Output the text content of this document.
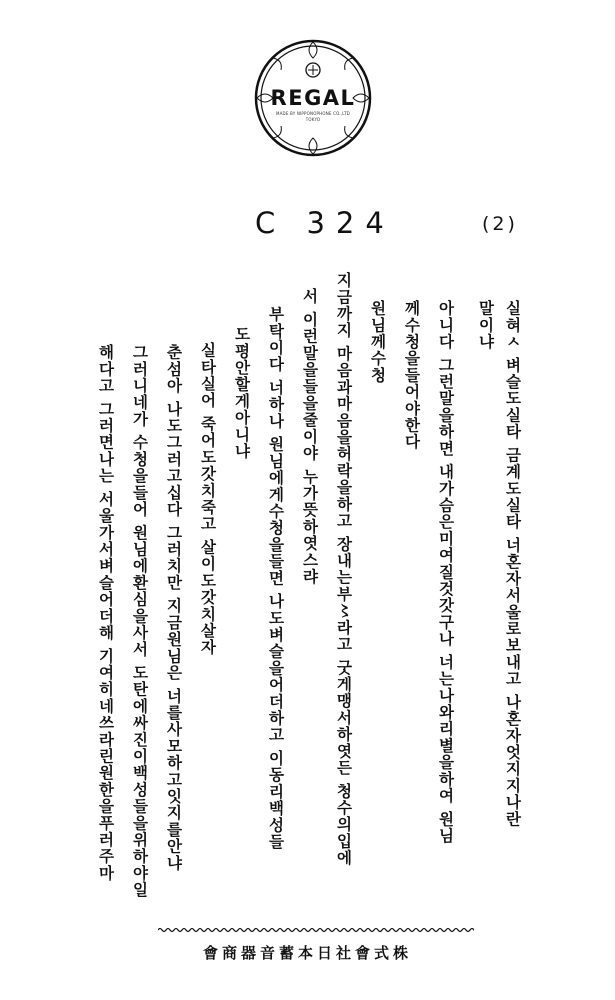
REGAL
MADE BY NIPPONOPHONE CO.,LTD
TOKYO
C 324	(2)
실혀ㅅ 벼슬도실타 금계도실타 너혼자서울로보내고 나혼자엇지지나란
말이냐
아니다 그런말을하면 내가슴은미여질것갓구나 너는나와리별을하여 원님
께수청을들어야한다
원님께수청
지금까지 마음과마음을허락을하고 장내는부〻라고 굿게맹서하엿든 청수의입에
서 이런말을들을줄이야 누가뜻하엿스랴
부탁이다 너하나 원님에게수청을들면 나도벼슬을어더하고 이동리백성들
도평안할게아니냐
실타실어 죽어도갓치죽고 살이도갓치살자
춘섬아 나도그러고십다 그러치만 지금원님은 너를사모하고잇지를안냐
그러니네가 수청을들어 원님에환심을사서 도탄에싸진이백성들을위하야일
해다고 그러면나는 서울가서벼슬어더해 기여히네쓰라린원한을푸러주마
會商器音蓄本日社會式株
